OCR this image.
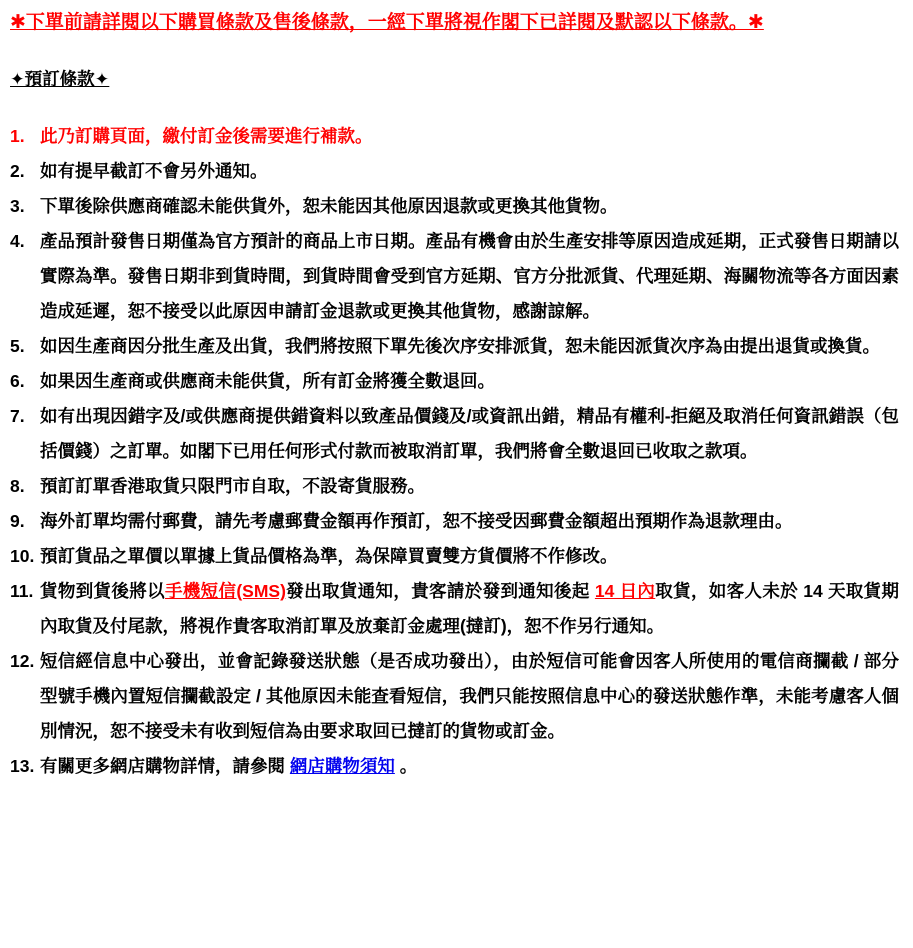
✱下單前請詳閱以下購買條款及售後條款，一經下單將視作閣下已詳閱及默認以下條款。✱
✦預訂條款✦
1. 此乃訂購頁面，繳付訂金後需要進行補款。
2. 如有提早截訂不會另外通知。
3. 下單後除供應商確認未能供貨外，恕未能因其他原因退款或更換其他貨物。
4. 產品預計發售日期僅為官方預計的商品上市日期。產品有機會由於生產安排等原因造成延期，正式發售日期請以實際為準。發售日期非到貨時間，到貨時間會受到官方延期、官方分批派貨、代理延期、海關物流等各方面因素造成延遲，恕不接受以此原因申請訂金退款或更換其他貨物，感謝諒解。
5. 如因生產商因分批生產及出貨，我們將按照下單先後次序安排派貨，恕未能因派貨次序為由提出退貨或換貨。
6. 如果因生產商或供應商未能供貨，所有訂金將獲全數退回。
7. 如有出現因錯字及/或供應商提供錯資料以致產品價錢及/或資訊出錯，精品有權利-拒絕及取消任何資訊錯誤（包括價錢）之訂單。如閣下已用任何形式付款而被取消訂單，我們將會全數退回已收取之款項。
8. 預訂訂單香港取貨只限門市自取，不設寄貨服務。
9. 海外訂單均需付郵費，請先考慮郵費金額再作預訂，恕不接受因郵費金額超出預期作為退款理由。
10. 預訂貨品之單價以單據上貨品價格為準，為保障買賣雙方貨價將不作修改。
11. 貨物到貨後將以手機短信(SMS)發出取貨通知，貴客請於發到通知後起 14 日內取貨，如客人未於 14 天取貨期內取貨及付尾款，將視作貴客取消訂單及放棄訂金處理(撻訂)，恕不作另行通知。
12. 短信經信息中心發出，並會記錄發送狀態（是否成功發出），由於短信可能會因客人所使用的電信商攔截 / 部分型號手機內置短信攔截設定 / 其他原因未能查看短信，我們只能按照信息中心的發送狀態作準，未能考慮客人個別情況，恕不接受未有收到短信為由要求取回已撻訂的貨物或訂金。
13. 有關更多網店購物詳情，請參閱 網店購物須知 。
